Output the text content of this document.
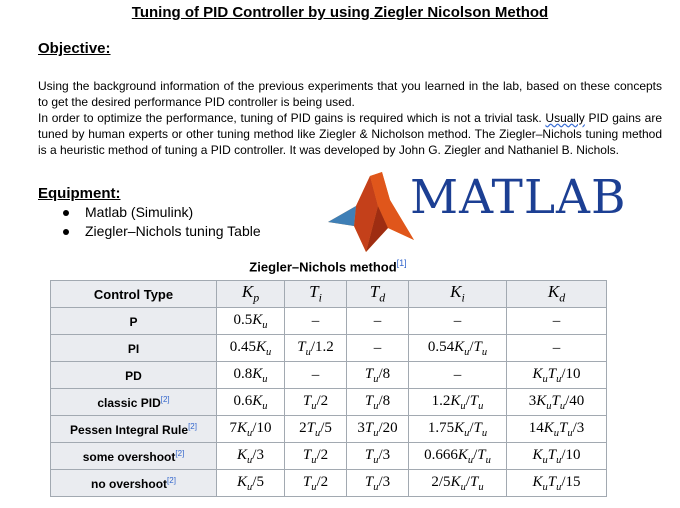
Tuning of PID Controller by using Ziegler Nicolson Method
Objective:

Using the background information of the previous experiments that you learned in the lab, based on these concepts to get the desired performance PID controller is being used.

In order to optimize the performance, tuning of PID gains is required which is not a trivial task. Usually PID gains are tuned by human experts or other tuning method like Ziegler & Nicholson method. The Ziegler–Nichols tuning method is a heuristic method of tuning a PID controller. It was developed by John G. Ziegler and Nathaniel B. Nichols.

Equipment:
Matlab (Simulink)
Ziegler–Nichols tuning Table
MATLAB
Ziegler–Nichols method[1]
Control Type	$K_p$	$T_i$	$T_d$	$K_i$	$K_d$
P	$0.5K_u$	–	–	–	–
PI	$0.45K_u$	$T_u/1.2$	–	$0.54K_u/T_u$	–
PD	$0.8K_u$	–	$T_u/8$	–	$K_uT_u/10$
classic PID[2]	$0.6K_u$	$T_u/2$	$T_u/8$	$1.2K_u/T_u$	$3K_uT_u/40$
Pessen Integral Rule[2]	$7K_u/10$	$2T_u/5$	$3T_u/20$	$1.75K_u/T_u$	$14K_uT_u/3$
some overshoot[2]	$K_u/3$	$T_u/2$	$T_u/3$	$0.666K_u/T_u$	$K_uT_u/10$
no overshoot[2]	$K_u/5$	$T_u/2$	$T_u/3$	$2/5K_u/T_u$	$K_uT_u/15$
